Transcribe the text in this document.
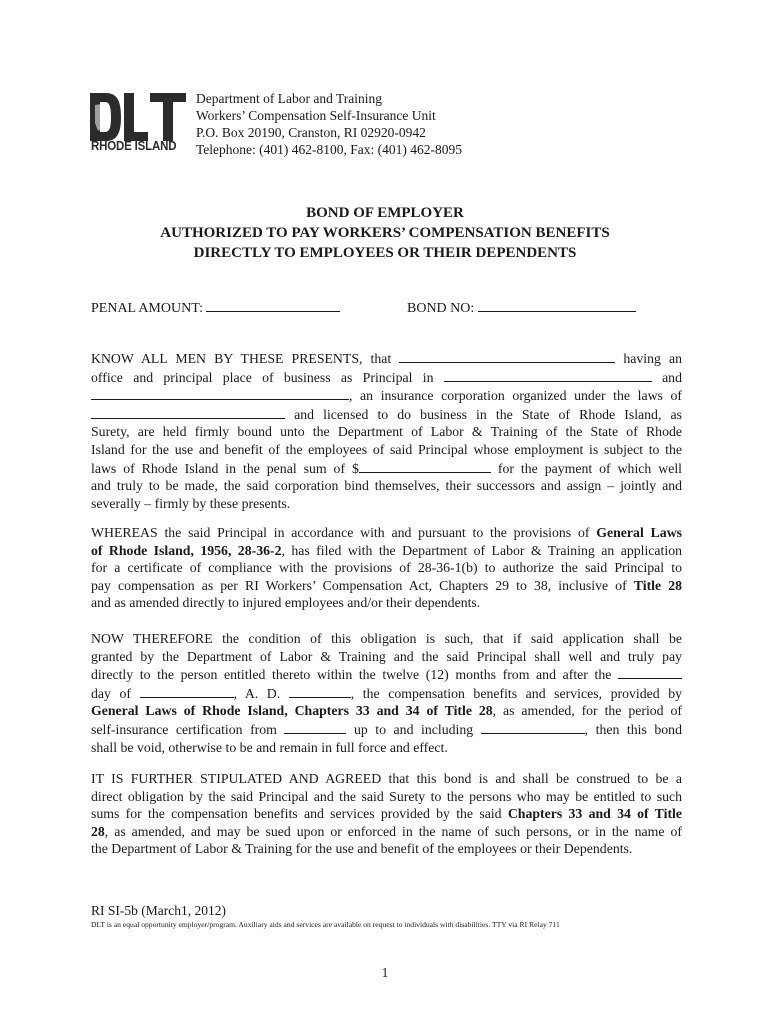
RHODE ISLAND
Department of Labor and Training
Workers’ Compensation Self-Insurance Unit
P.O. Box 20190, Cranston, RI 02920-0942
Telephone: (401) 462-8100, Fax: (401) 462-8095
BOND OF EMPLOYER
AUTHORIZED TO PAY WORKERS’ COMPENSATION BENEFITS
DIRECTLY TO EMPLOYEES OR THEIR DEPENDENTS
PENAL AMOUNT:	BOND NO:
KNOW ALL MEN BY THESE PRESENTS, that	having an
office and principal place of business as Principal in	and
, an insurance corporation organized under the laws of
and licensed to do business in the State of Rhode Island, as
Surety, are held firmly bound unto the Department of Labor & Training of the State of Rhode
Island for the use and benefit of the employees of said Principal whose employment is subject to the
laws of Rhode Island in the penal sum of $	for the payment of which well
and truly to be made, the said corporation bind themselves, their successors and assign – jointly and
severally – firmly by these presents.
WHEREAS the said Principal in accordance with and pursuant to the provisions of General Laws
of Rhode Island, 1956, 28-36-2, has filed with the Department of Labor & Training an application
for a certificate of compliance with the provisions of 28-36-1(b) to authorize the said Principal to
pay compensation as per RI Workers’ Compensation Act, Chapters 29 to 38, inclusive of Title 28
and as amended directly to injured employees and/or their dependents.
NOW THEREFORE the condition of this obligation is such, that if said application shall be
granted by the Department of Labor & Training and the said Principal shall well and truly pay
directly to the person entitled thereto within the twelve (12) months from and after the
day of	, A. D.	, the compensation benefits and services, provided by
General Laws of Rhode Island, Chapters 33 and 34 of Title 28, as amended, for the period of
self-insurance certification from	up to and including	, then this bond
shall be void, otherwise to be and remain in full force and effect.
IT IS FURTHER STIPULATED AND AGREED that this bond is and shall be construed to be a
direct obligation by the said Principal and the said Surety to the persons who may be entitled to such
sums for the compensation benefits and services provided by the said Chapters 33 and 34 of Title
28, as amended, and may be sued upon or enforced in the name of such persons, or in the name of
the Department of Labor & Training for the use and benefit of the employees or their Dependents.
RI SI-5b (March1, 2012)
DLT is an equal opportunity employer/program. Auxiliary aids and services are available on request to individuals with disabilities. TTY via RI Relay 711
1
